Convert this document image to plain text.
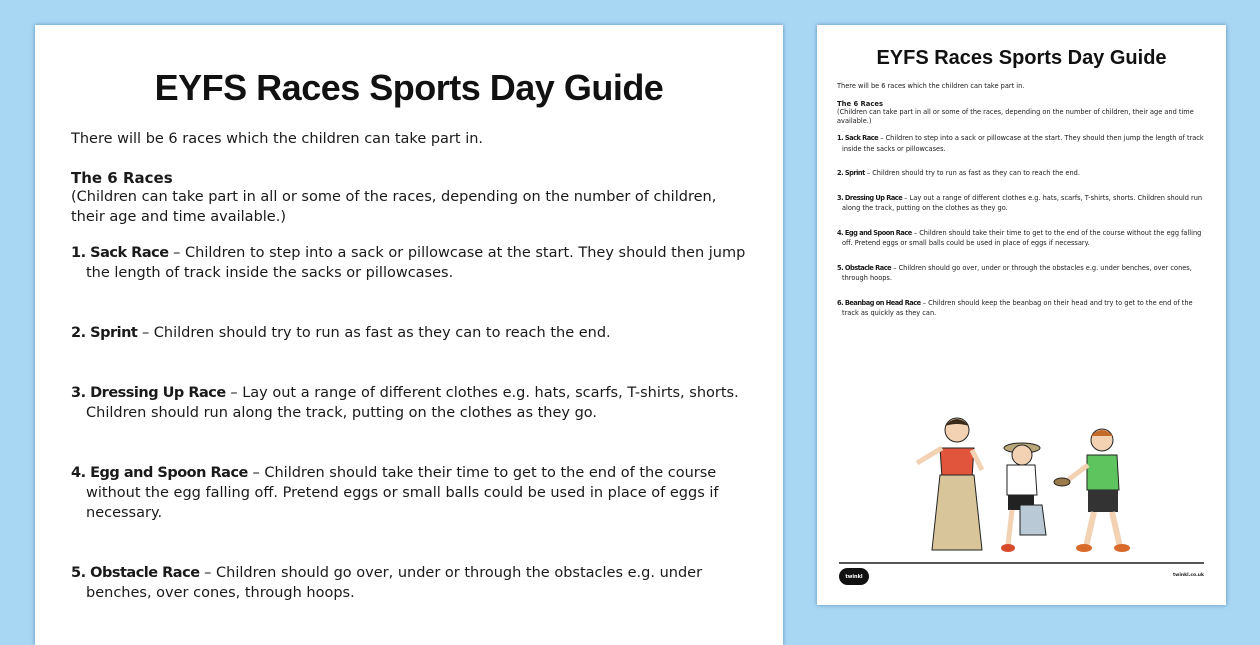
EYFS Races Sports Day Guide

There will be 6 races which the children can take part in.

The 6 Races

(Children can take part in all or some of the races, depending on the number of children, their age and time available.)

1. Sack Race – Children to step into a sack or pillowcase at the start. They should then jump the length of track inside the sacks or pillowcases.

2. Sprint – Children should try to run as fast as they can to reach the end.

3. Dressing Up Race – Lay out a range of different clothes e.g. hats, scarfs, T-shirts, shorts. Children should run along the track, putting on the clothes as they go.

4. Egg and Spoon Race – Children should take their time to get to the end of the course without the egg falling off. Pretend eggs or small balls could be used in place of eggs if necessary.

5. Obstacle Race – Children should go over, under or through the obstacles e.g. under benches, over cones, through hoops.

EYFS Races Sports Day Guide

There will be 6 races which the children can take part in.

The 6 Races

(Children can take part in all or some of the races, depending on the number of children, their age and time available.)

1. Sack Race – Children to step into a sack or pillowcase at the start. They should then jump the length of track inside the sacks or pillowcases.

2. Sprint – Children should try to run as fast as they can to reach the end.

3. Dressing Up Race – Lay out a range of different clothes e.g. hats, scarfs, T-shirts, shorts. Children should run along the track, putting on the clothes as they go.

4. Egg and Spoon Race – Children should take their time to get to the end of the course without the egg falling off. Pretend eggs or small balls could be used in place of eggs if necessary.

5. Obstacle Race – Children should go over, under or through the obstacles e.g. under benches, over cones, through hoops.

6. Beanbag on Head Race – Children should keep the beanbag on their head and try to get to the end of the track as quickly as they can.

twinkl	twinkl.co.uk
